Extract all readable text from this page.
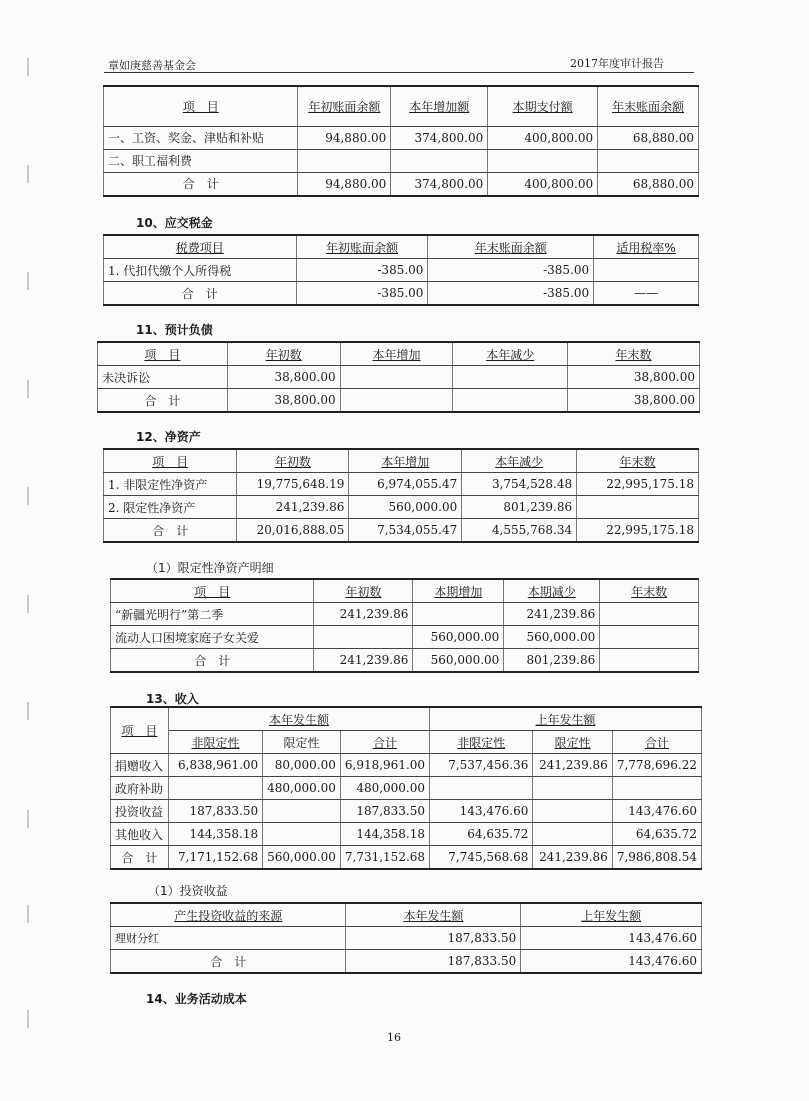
章如庚慈善基金会	2017年度审计报告
项　目	年初账面余额	本年增加额	本期支付额	年末账面余额
一、工资、奖金、津贴和补贴	94,880.00	374,800.00	400,800.00	68,880.00
二、职工福利费				
合　计	94,880.00	374,800.00	400,800.00	68,880.00
10、应交税金
税费项目	年初账面余额	年末账面余额	适用税率%
1. 代扣代缴个人所得税	-385.00	-385.00	
合　计	-385.00	-385.00	——
11、预计负债
项　目	年初数	本年增加	本年减少	年末数
未决诉讼	38,800.00			38,800.00
合　计	38,800.00			38,800.00
12、净资产
项　目	年初数	本年增加	本年减少	年末数
1. 非限定性净资产	19,775,648.19	6,974,055.47	3,754,528.48	22,995,175.18
2. 限定性净资产	241,239.86	560,000.00	801,239.86	
合　计	20,016,888.05	7,534,055.47	4,555,768.34	22,995,175.18
（1）限定性净资产明细
项　目	年初数	本期增加	本期减少	年末数
“新疆光明行”第二季	241,239.86		241,239.86	
流动人口困境家庭子女关爱		560,000.00	560,000.00	
合　计	241,239.86	560,000.00	801,239.86	
13、收入
项　目	本年发生额			上年发生额		
	非限定性	限定性	合计	非限定性	限定性	合计
捐赠收入	6,838,961.00	80,000.00	6,918,961.00	7,537,456.36	241,239.86	7,778,696.22
政府补助		480,000.00	480,000.00			
投资收益	187,833.50		187,833.50	143,476.60		143,476.60
其他收入	144,358.18		144,358.18	64,635.72		64,635.72
合　计	7,171,152.68	560,000.00	7,731,152.68	7,745,568.68	241,239.86	7,986,808.54
（1）投资收益
产生投资收益的来源	本年发生额	上年发生额
理财分红	187,833.50	143,476.60
合　计	187,833.50	143,476.60
14、业务活动成本
16
